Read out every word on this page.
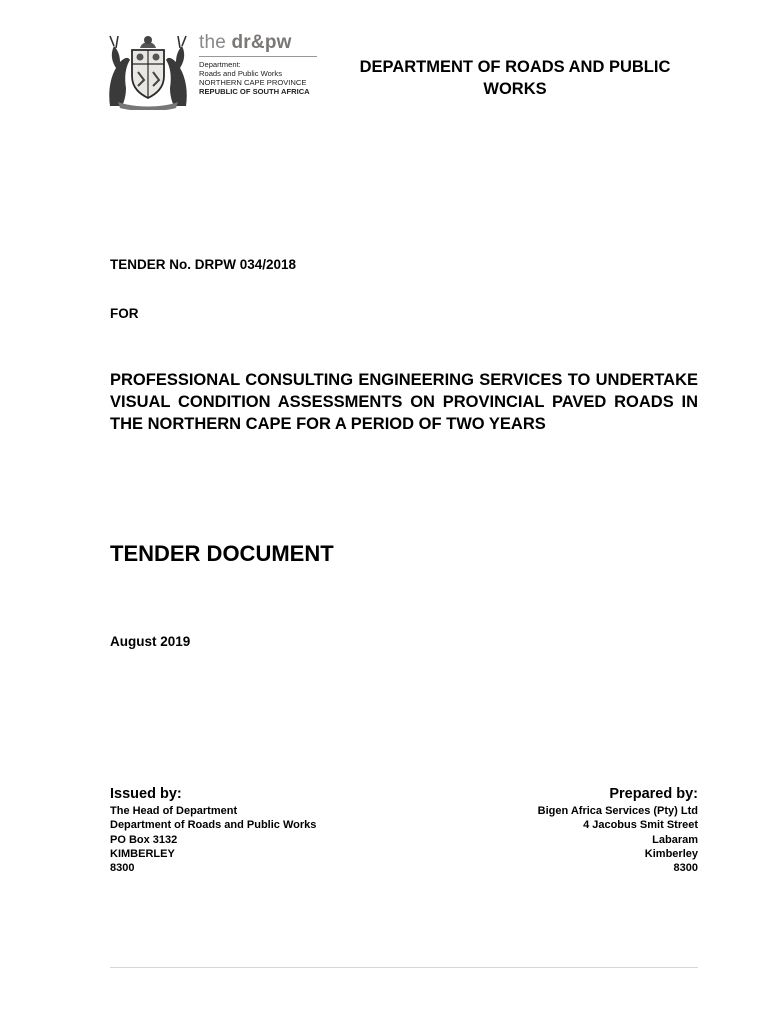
the dr&pw
Department:
Roads and Public Works
NORTHERN CAPE PROVINCE
REPUBLIC OF SOUTH AFRICA
DEPARTMENT OF ROADS AND PUBLIC WORKS
TENDER No. DRPW 034/2018
FOR
PROFESSIONAL CONSULTING ENGINEERING SERVICES TO UNDERTAKE VISUAL CONDITION ASSESSMENTS ON PROVINCIAL PAVED ROADS IN THE NORTHERN CAPE FOR A PERIOD OF TWO YEARS
TENDER DOCUMENT
August 2019
Issued by:
The Head of Department
Department of Roads and Public Works
PO Box 3132
KIMBERLEY
8300
Prepared by:
Bigen Africa Services (Pty) Ltd
4 Jacobus Smit Street
Labaram
Kimberley
8300
